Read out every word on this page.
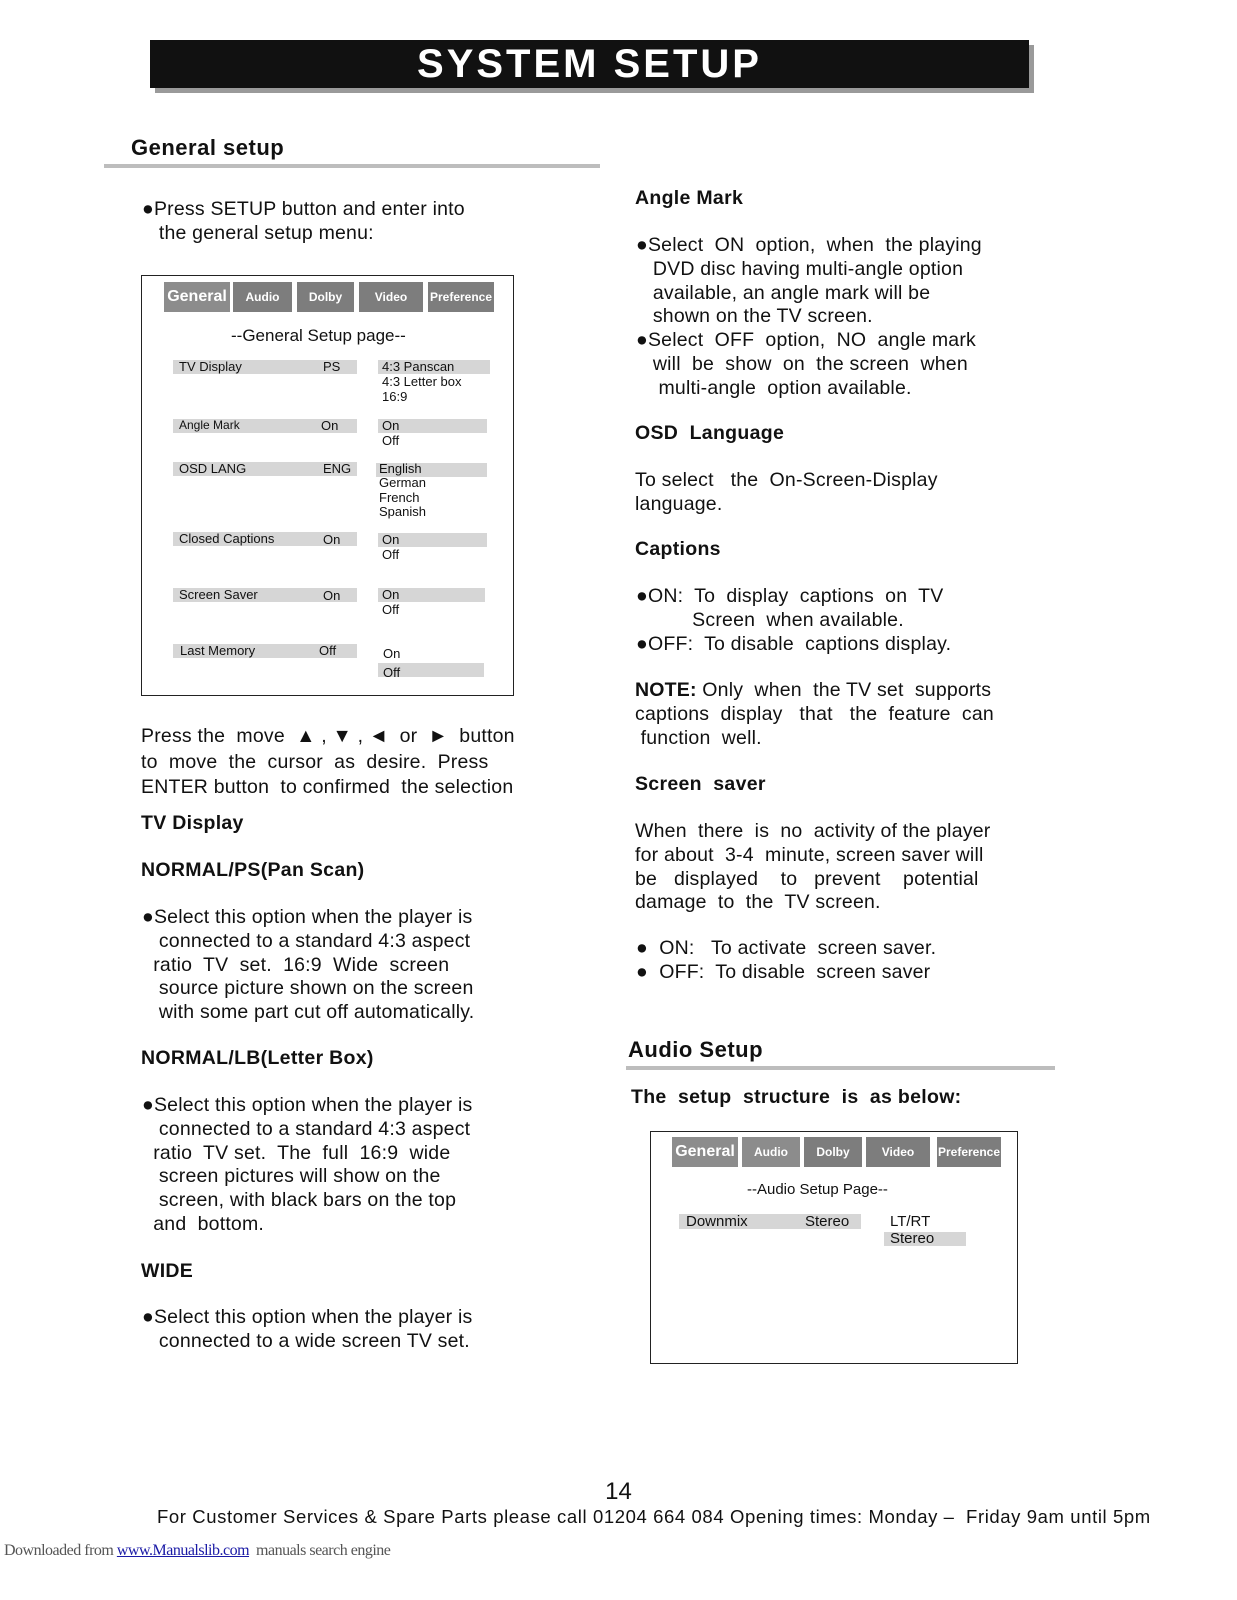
SYSTEM SETUP
General setup
●Press SETUP button and enter into
the general setup menu:
General	Audio	Dolby	Video	Preference
--General Setup page--
TV Display	PS	4:3 Panscan
4:3 Letter box
16:9
Angle Mark	On	On
Off
OSD LANG	ENG English
German
French
Spanish
Closed Captions	On	On
Off
Screen Saver	On	On
Off
Last Memory	Off	On
Off
Press the  move  ▲ , ▼ , ◄  or  ►  button
to  move  the  cursor  as  desire.  Press
ENTER button  to confirmed  the selection
TV Display
NORMAL/PS(Pan Scan)
●Select this option when the player is
connected to a standard 4:3 aspect
ratio  TV  set.  16:9  Wide  screen
source picture shown on the screen
with some part cut off automatically.
NORMAL/LB(Letter Box)
●Select this option when the player is
connected to a standard 4:3 aspect
ratio  TV set.  The  full  16:9  wide
screen pictures will show on the
screen, with black bars on the top
and  bottom.
WIDE
●Select this option when the player is
connected to a wide screen TV set.
Angle Mark
●Select  ON  option,  when  the playing
DVD disc having multi-angle option
available, an angle mark will be
shown on the TV screen.
●Select  OFF  option,  NO  angle mark
will  be  show  on  the screen  when
multi-angle  option available.
OSD  Language
To select   the  On-Screen-Display
language.
Captions
●ON:  To  display  captions  on  TV
Screen  when available.
●OFF:  To disable  captions display.
NOTE: Only  when  the TV set  supports
captions  display   that   the  feature  can
function  well.
Screen  saver
When  there  is  no  activity of the player
for about  3-4  minute, screen saver will
be   displayed    to   prevent    potential
damage  to  the  TV screen.
●  ON:   To activate  screen saver.
●  OFF:  To disable  screen saver
Audio Setup
The  setup  structure  is  as below:
General	Audio	Dolby	Video	Preference
--Audio Setup Page--
Downmix	Stereo	LT/RT
Stereo
14
For Customer Services & Spare Parts please call 01204 664 084 Opening times: Monday –  Friday 9am until 5pm
Downloaded from www.Manualslib.com  manuals search engine
